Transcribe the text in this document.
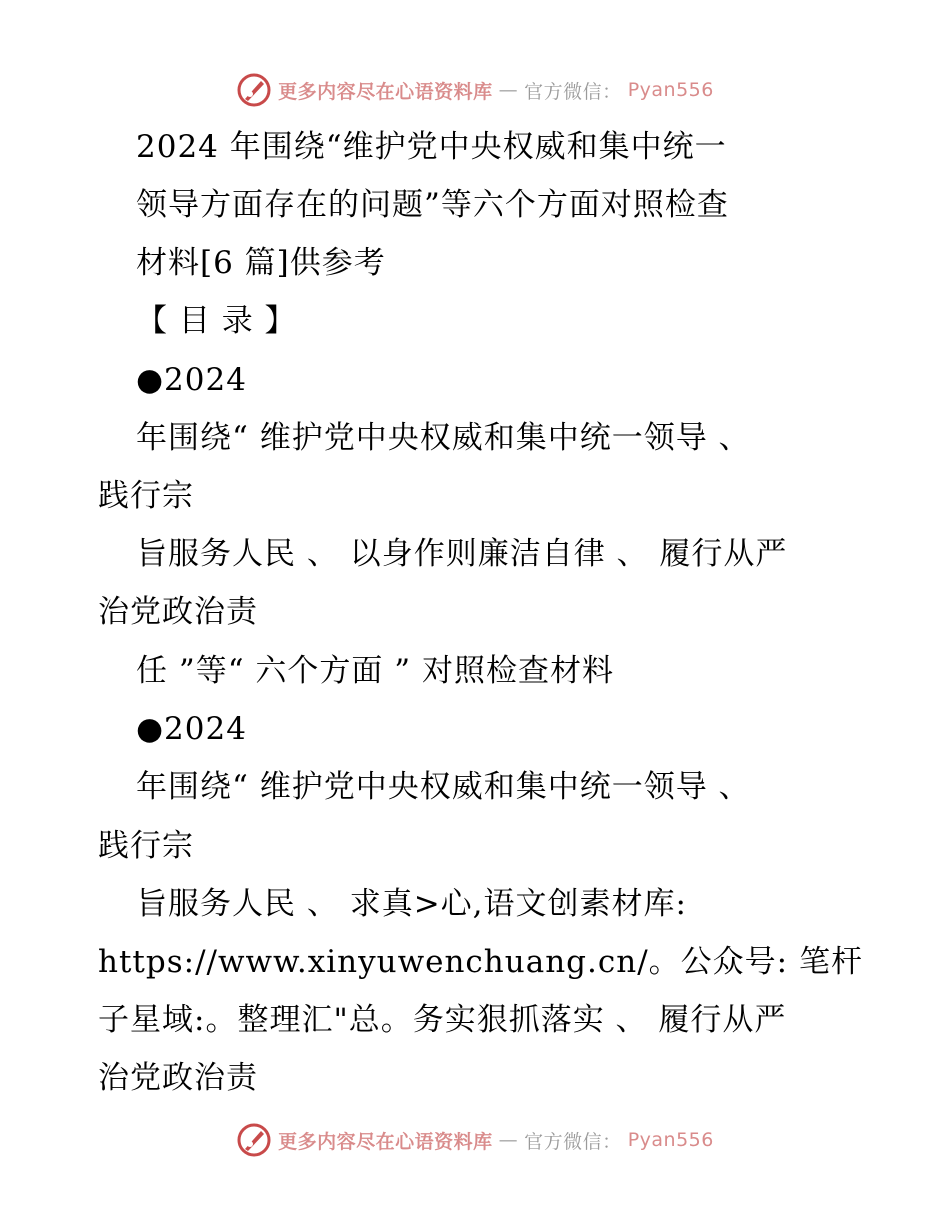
更多内容尽在心语资料库 — 官方微信： Pyan556
2024 年围绕“维护党中央权威和集中统一
领导方面存在的问题”等六个方面对照检查
材料[6 篇]供参考
【 目 录 】
●2024
年围绕“ 维护党中央权威和集中统一领导 、
践行宗
旨服务人民 、 以身作则廉洁自律 、 履行从严
治党政治责
任 ”等“ 六个方面 ” 对照检查材料
●2024
年围绕“ 维护党中央权威和集中统一领导 、
践行宗
旨服务人民 、 求真>心,语文创素材库:
https://www.xinyuwenchuang.cn/。公众号: 笔杆
子星域:。整理汇"总。务实狠抓落实 、 履行从严
治党政治责
更多内容尽在心语资料库 — 官方微信： Pyan556
